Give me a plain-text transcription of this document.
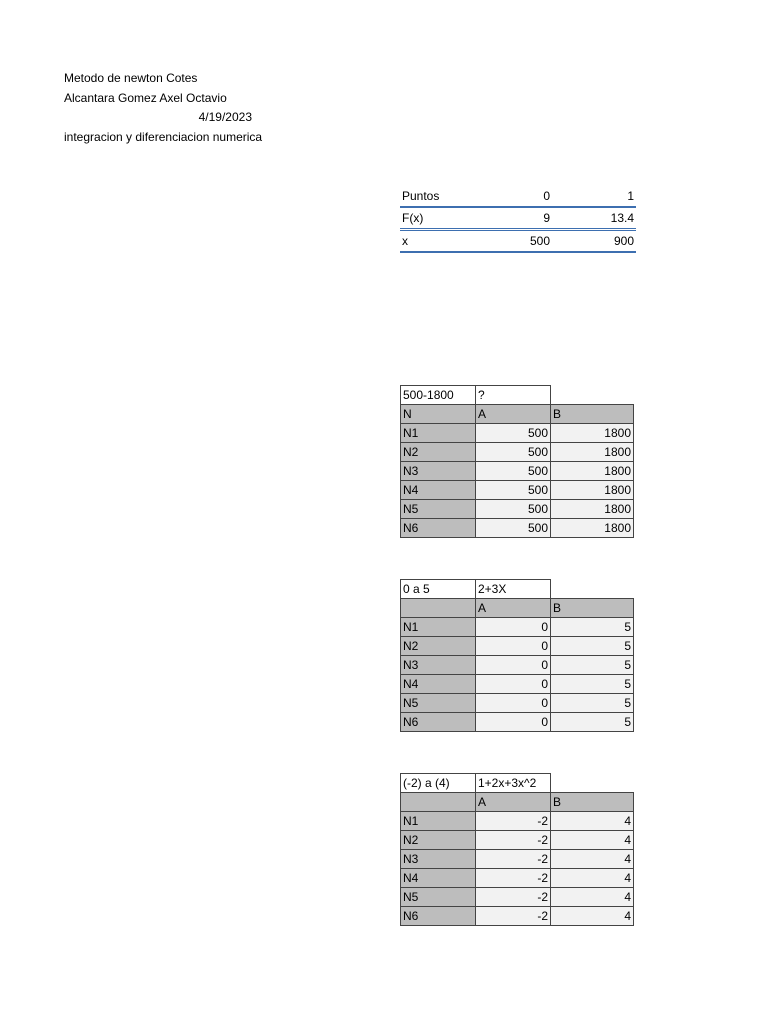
Metodo de newton Cotes
Alcantara Gomez Axel Octavio
4/19/2023
integracion y diferenciacion numerica
Puntos	0	1
F(x)	9	13.4
x	500	900
500-1800	?	
N	A	B
N1	500	1800
N2	500	1800
N3	500	1800
N4	500	1800
N5	500	1800
N6	500	1800
0 a 5	2+3X	
	A	B
N1	0	5
N2	0	5
N3	0	5
N4	0	5
N5	0	5
N6	0	5
(-2) a (4)	1+2x+3x^2	
	A	B
N1	-2	4
N2	-2	4
N3	-2	4
N4	-2	4
N5	-2	4
N6	-2	4
